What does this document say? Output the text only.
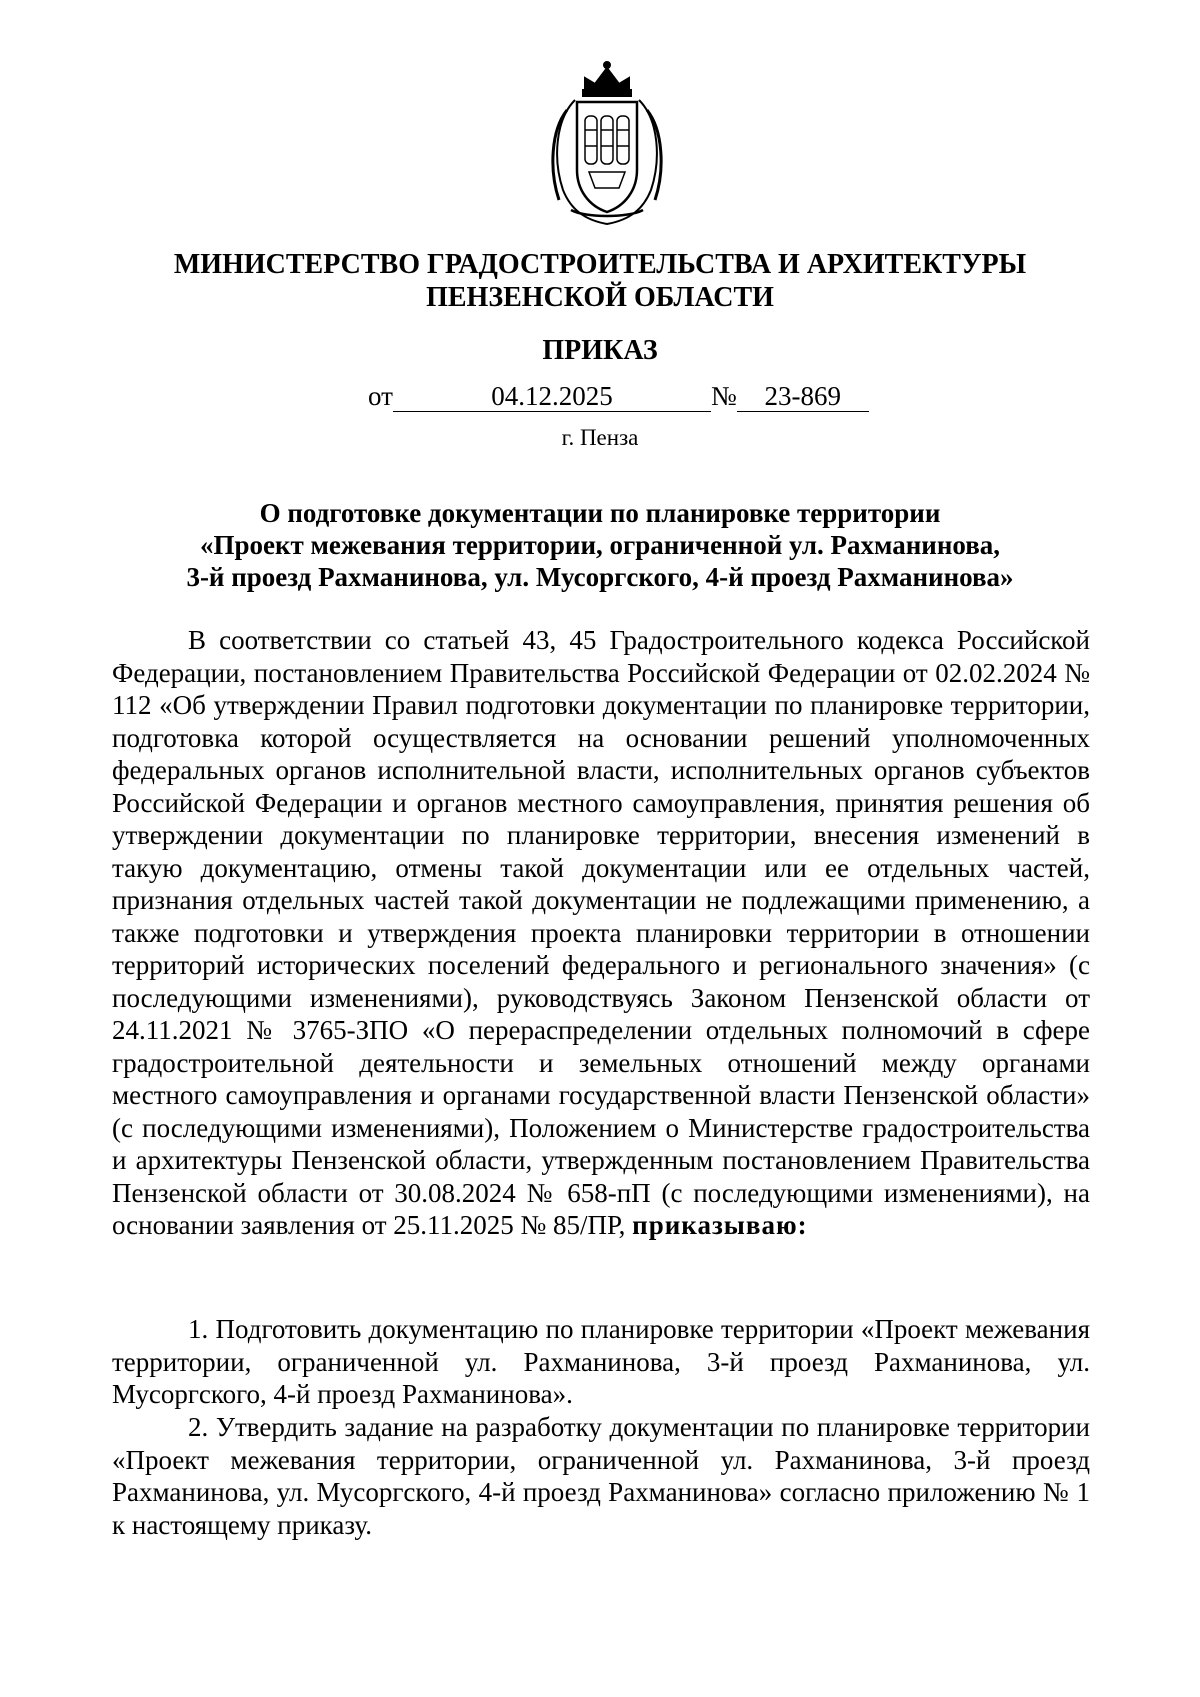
МИНИСТЕРСТВО ГРАДОСТРОИТЕЛЬСТВА И АРХИТЕКТУРЫ
ПЕНЗЕНСКОЙ ОБЛАСТИ
ПРИКАЗ
от	04.12.2025	№ 23-869
г. Пенза
О подготовке документации по планировке территории
«Проект межевания территории, ограниченной ул. Рахманинова,
3-й проезд Рахманинова, ул. Мусоргского, 4-й проезд Рахманинова»

В соответствии со статьей 43, 45 Градостроительного кодекса Российской Федерации, постановлением Правительства Российской Федерации от 02.02.2024 № 112 «Об утверждении Правил подготовки документации по планировке территории, подготовка которой осуществляется на основании решений уполномоченных федеральных органов исполнительной власти, исполнительных органов субъектов Российской Федерации и органов местного самоуправления, принятия решения об утверждении документации по планировке территории, внесения изменений в такую документацию, отмены такой документации или ее отдельных частей, признания отдельных частей такой документации не подлежащими применению, а также подготовки и утверждения проекта планировки территории в отношении территорий исторических поселений федерального и регионального значения» (с последующими изменениями), руководствуясь Законом Пензенской области от 24.11.2021 № 3765-ЗПО «О перераспределении отдельных полномочий в сфере градостроительной деятельности и земельных отношений между органами местного самоуправления и органами государственной власти Пензенской области» (с последующими изменениями), Положением о Министерстве градостроительства и архитектуры Пензенской области, утвержденным постановлением Правительства Пензенской области от 30.08.2024 № 658-пП (с последующими изменениями), на основании заявления от 25.11.2025 № 85/ПР, приказываю:

1. Подготовить документацию по планировке территории «Проект межевания территории, ограниченной ул. Рахманинова, 3-й проезд Рахманинова, ул. Мусоргского, 4-й проезд Рахманинова».

2. Утвердить задание на разработку документации по планировке территории «Проект межевания территории, ограниченной ул. Рахманинова, 3-й проезд Рахманинова, ул. Мусоргского, 4-й проезд Рахманинова» согласно приложению № 1 к настоящему приказу.
